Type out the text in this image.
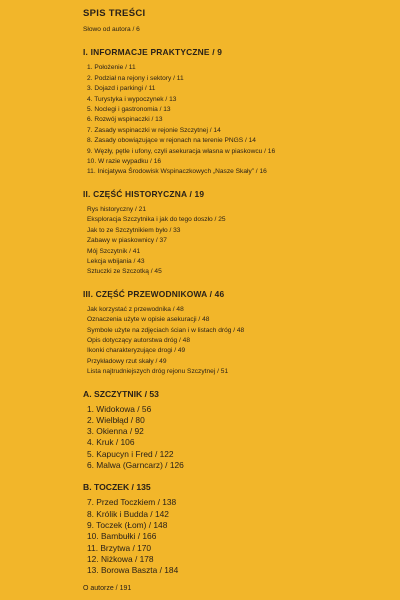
SPIS TREŚCI
Słowo od autora / 6
I. INFORMACJE PRAKTYCZNE / 9
1. Położenie / 11
2. Podział na rejony i sektory / 11
3. Dojazd i parkingi / 11
4. Turystyka i wypoczynek / 13
5. Noclegi i gastronomia / 13
6. Rozwój wspinaczki / 13
7. Zasady wspinaczki w rejonie Szczytnej / 14
8. Zasady obowiązujące w rejonach na terenie PNGS / 14
9. Węzły, pętle i ufony, czyli asekuracja własna w piaskowcu / 16
10. W razie wypadku / 16
11. Inicjatywa Środowisk Wspinaczkowych „Nasze Skały” / 16
II. CZĘŚĆ HISTORYCZNA / 19
Rys historyczny / 21
Eksploracja Szczytnika i jak do tego doszło / 25
Jak to ze Szczytnikiem było / 33
Zabawy w piaskownicy / 37
Mój Szczytnik / 41
Lekcja wbijania / 43
Sztuczki ze Szczotką / 45
III. CZĘŚĆ PRZEWODNIKOWA / 46
Jak korzystać z przewodnika / 48
Oznaczenia użyte w opisie asekuracji / 48
Symbole użyte na zdjęciach ścian i w listach dróg / 48
Opis dotyczący autorstwa dróg / 48
Ikonki charakteryzujące drogi / 49
Przykładowy rzut skały / 49
Lista najtrudniejszych dróg rejonu Szczytnej / 51
A. SZCZYTNIK / 53
1. Widokowa / 56
2. Wielbłąd / 80
3. Okienna / 92
4. Kruk / 106
5. Kapucyn i Fred / 122
6. Malwa (Garncarz) / 126
B. TOCZEK / 135
7. Przed Toczkiem / 138
8. Królik i Budda / 142
9. Toczek (Łom) / 148
10. Bambułki / 166
11. Brzytwa / 170
12. Niżkowa / 178
13. Borowa Baszta / 184
O autorze / 191
